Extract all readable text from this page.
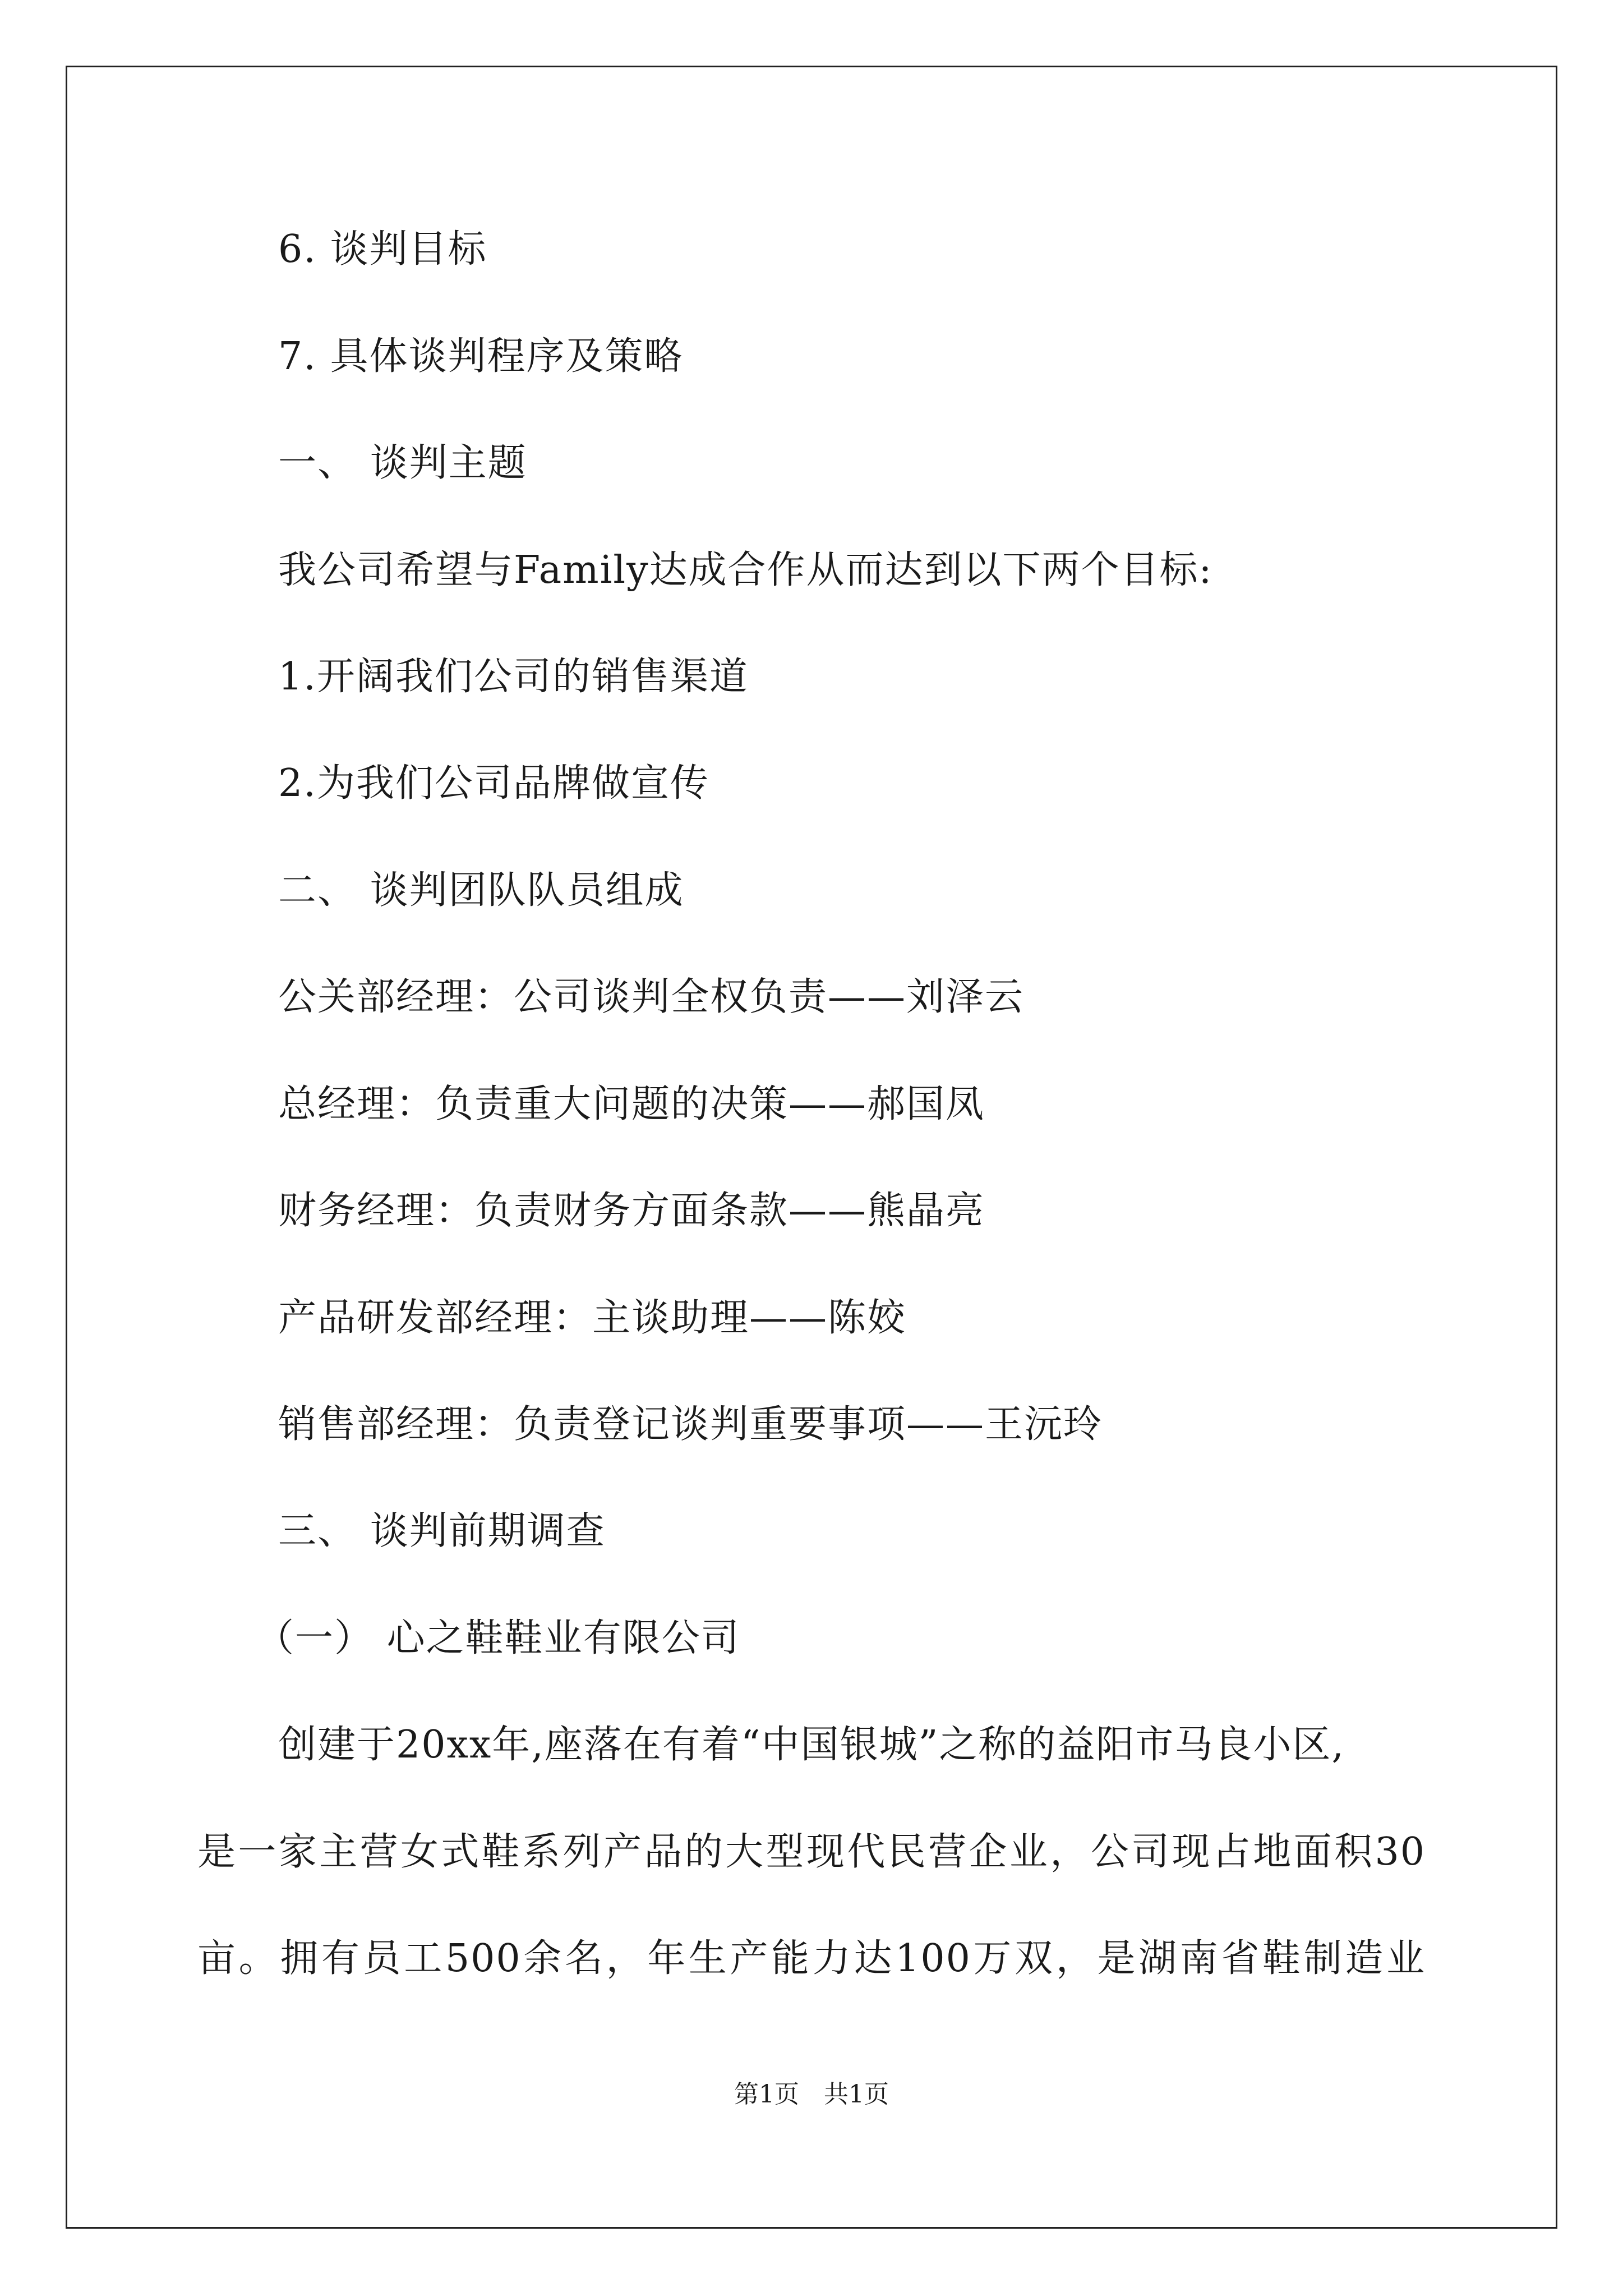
6. 谈判目标
7. 具体谈判程序及策略
一、 谈判主题
我公司希望与Family达成合作从而达到以下两个目标:
1.开阔我们公司的销售渠道
2.为我们公司品牌做宣传
二、 谈判团队队员组成
公关部经理：公司谈判全权负责——刘泽云
总经理：负责重大问题的决策——郝国凤
财务经理：负责财务方面条款——熊晶亮
产品研发部经理：主谈助理——陈姣
销售部经理：负责登记谈判重要事项——王沅玲
三、 谈判前期调查
（一） 心之鞋鞋业有限公司
创建于20xx年,座落在有着“中国银城”之称的益阳市马良小区,
是一家主营女式鞋系列产品的大型现代民营企业，公司现占地面积30
亩。拥有员工500余名，年生产能力达100万双，是湖南省鞋制造业
第1页　共1页
